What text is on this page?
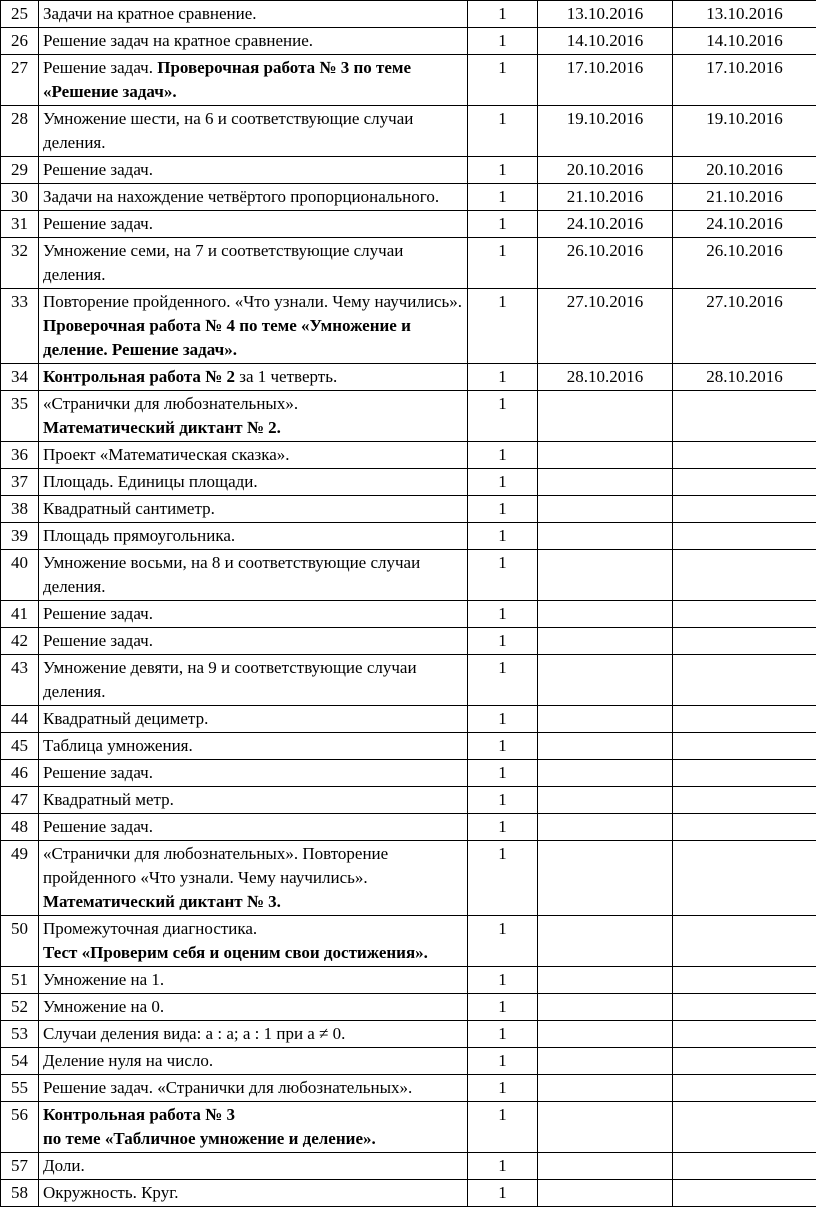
25	Задачи на кратное сравнение.	1	13.10.2016	13.10.2016
26	Решение задач на кратное сравнение.	1	14.10.2016	14.10.2016
27	Решение задач. Проверочная работа № 3 по теме «Решение задач».	1	17.10.2016	17.10.2016
28	Умножение шести, на 6 и соответствующие случаи деления.	1	19.10.2016	19.10.2016
29	Решение задач.	1	20.10.2016	20.10.2016
30	Задачи на нахождение четвёртого пропорционального.	1	21.10.2016	21.10.2016
31	Решение задач.	1	24.10.2016	24.10.2016
32	Умножение семи, на 7 и соответствующие случаи деления.	1	26.10.2016	26.10.2016
33	Повторение пройденного. «Что узнали. Чему научились». Проверочная работа № 4 по теме «Умножение и деление. Решение задач».	1	27.10.2016	27.10.2016
34	Контрольная работа № 2 за 1 четверть.	1	28.10.2016	28.10.2016
35	«Странички для любознательных».
Математический диктант № 2.	1		
36	Проект «Математическая сказка».	1		
37	Площадь. Единицы площади.	1		
38	Квадратный сантиметр.	1		
39	Площадь прямоугольника.	1		
40	Умножение восьми, на 8 и соответствующие случаи деления.	1		
41	Решение задач.	1		
42	Решение задач.	1		
43	Умножение девяти, на 9 и соответствующие случаи деления.	1		
44	Квадратный дециметр.	1		
45	Таблица умножения.	1		
46	Решение задач.	1		
47	Квадратный метр.	1		
48	Решение задач.	1		
49	«Странички для любознательных». Повторение пройденного «Что узнали. Чему научились».
Математический диктант № 3.	1		
50	Промежуточная диагностика.
Тест «Проверим себя и оценим свои достижения».	1		
51	Умножение на 1.	1		
52	Умножение на 0.	1		
53	Случаи деления вида: а : а; а : 1 при а ≠ 0.	1		
54	Деление нуля на число.	1		
55	Решение задач. «Странички для любознательных».	1		
56	Контрольная работа № 3
по теме «Табличное умножение и деление».	1		
57	Доли.	1		
58	Окружность. Круг.	1		
